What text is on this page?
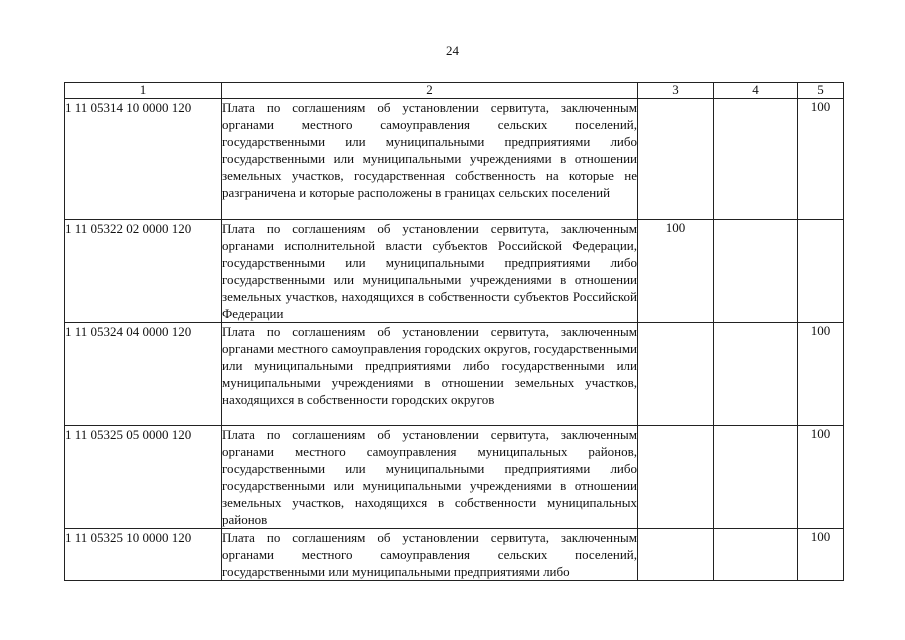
24
1	2	3	4	5
1 11 05314 10 0000 120	Плата по соглашениям об установлении сервитута, заключенным органами местного самоуправления сельских поселений, государственными или муниципальными предприятиями либо государственными или муниципальными учреждениями в отношении земельных участков, государственная собственность на которые не разграничена и которые расположены в границах сельских поселений			100
1 11 05322 02 0000 120	Плата по соглашениям об установлении сервитута, заключенным органами исполнительной власти субъектов Российской Федерации, государственными или муниципальными предприятиями либо государственными или муниципальными учреждениями в отношении земельных участков, находящихся в собственности субъектов Российской Федерации	100		
1 11 05324 04 0000 120	Плата по соглашениям об установлении сервитута, заключенным органами местного самоуправления городских округов, государственными или муниципальными предприятиями либо государственными или муниципальными учреждениями в отношении земельных участков, находящихся в собственности городских округов			100
1 11 05325 05 0000 120	Плата по соглашениям об установлении сервитута, заключенным органами местного самоуправления муниципальных районов, государственными или муниципальными предприятиями либо государственными или муниципальными учреждениями в отношении земельных участков, находящихся в собственности муниципальных районов			100
1 11 05325 10 0000 120	Плата по соглашениям об установлении сервитута, заключенным органами местного самоуправления сельских поселений, государственными или муниципальными предприятиями либо			100
